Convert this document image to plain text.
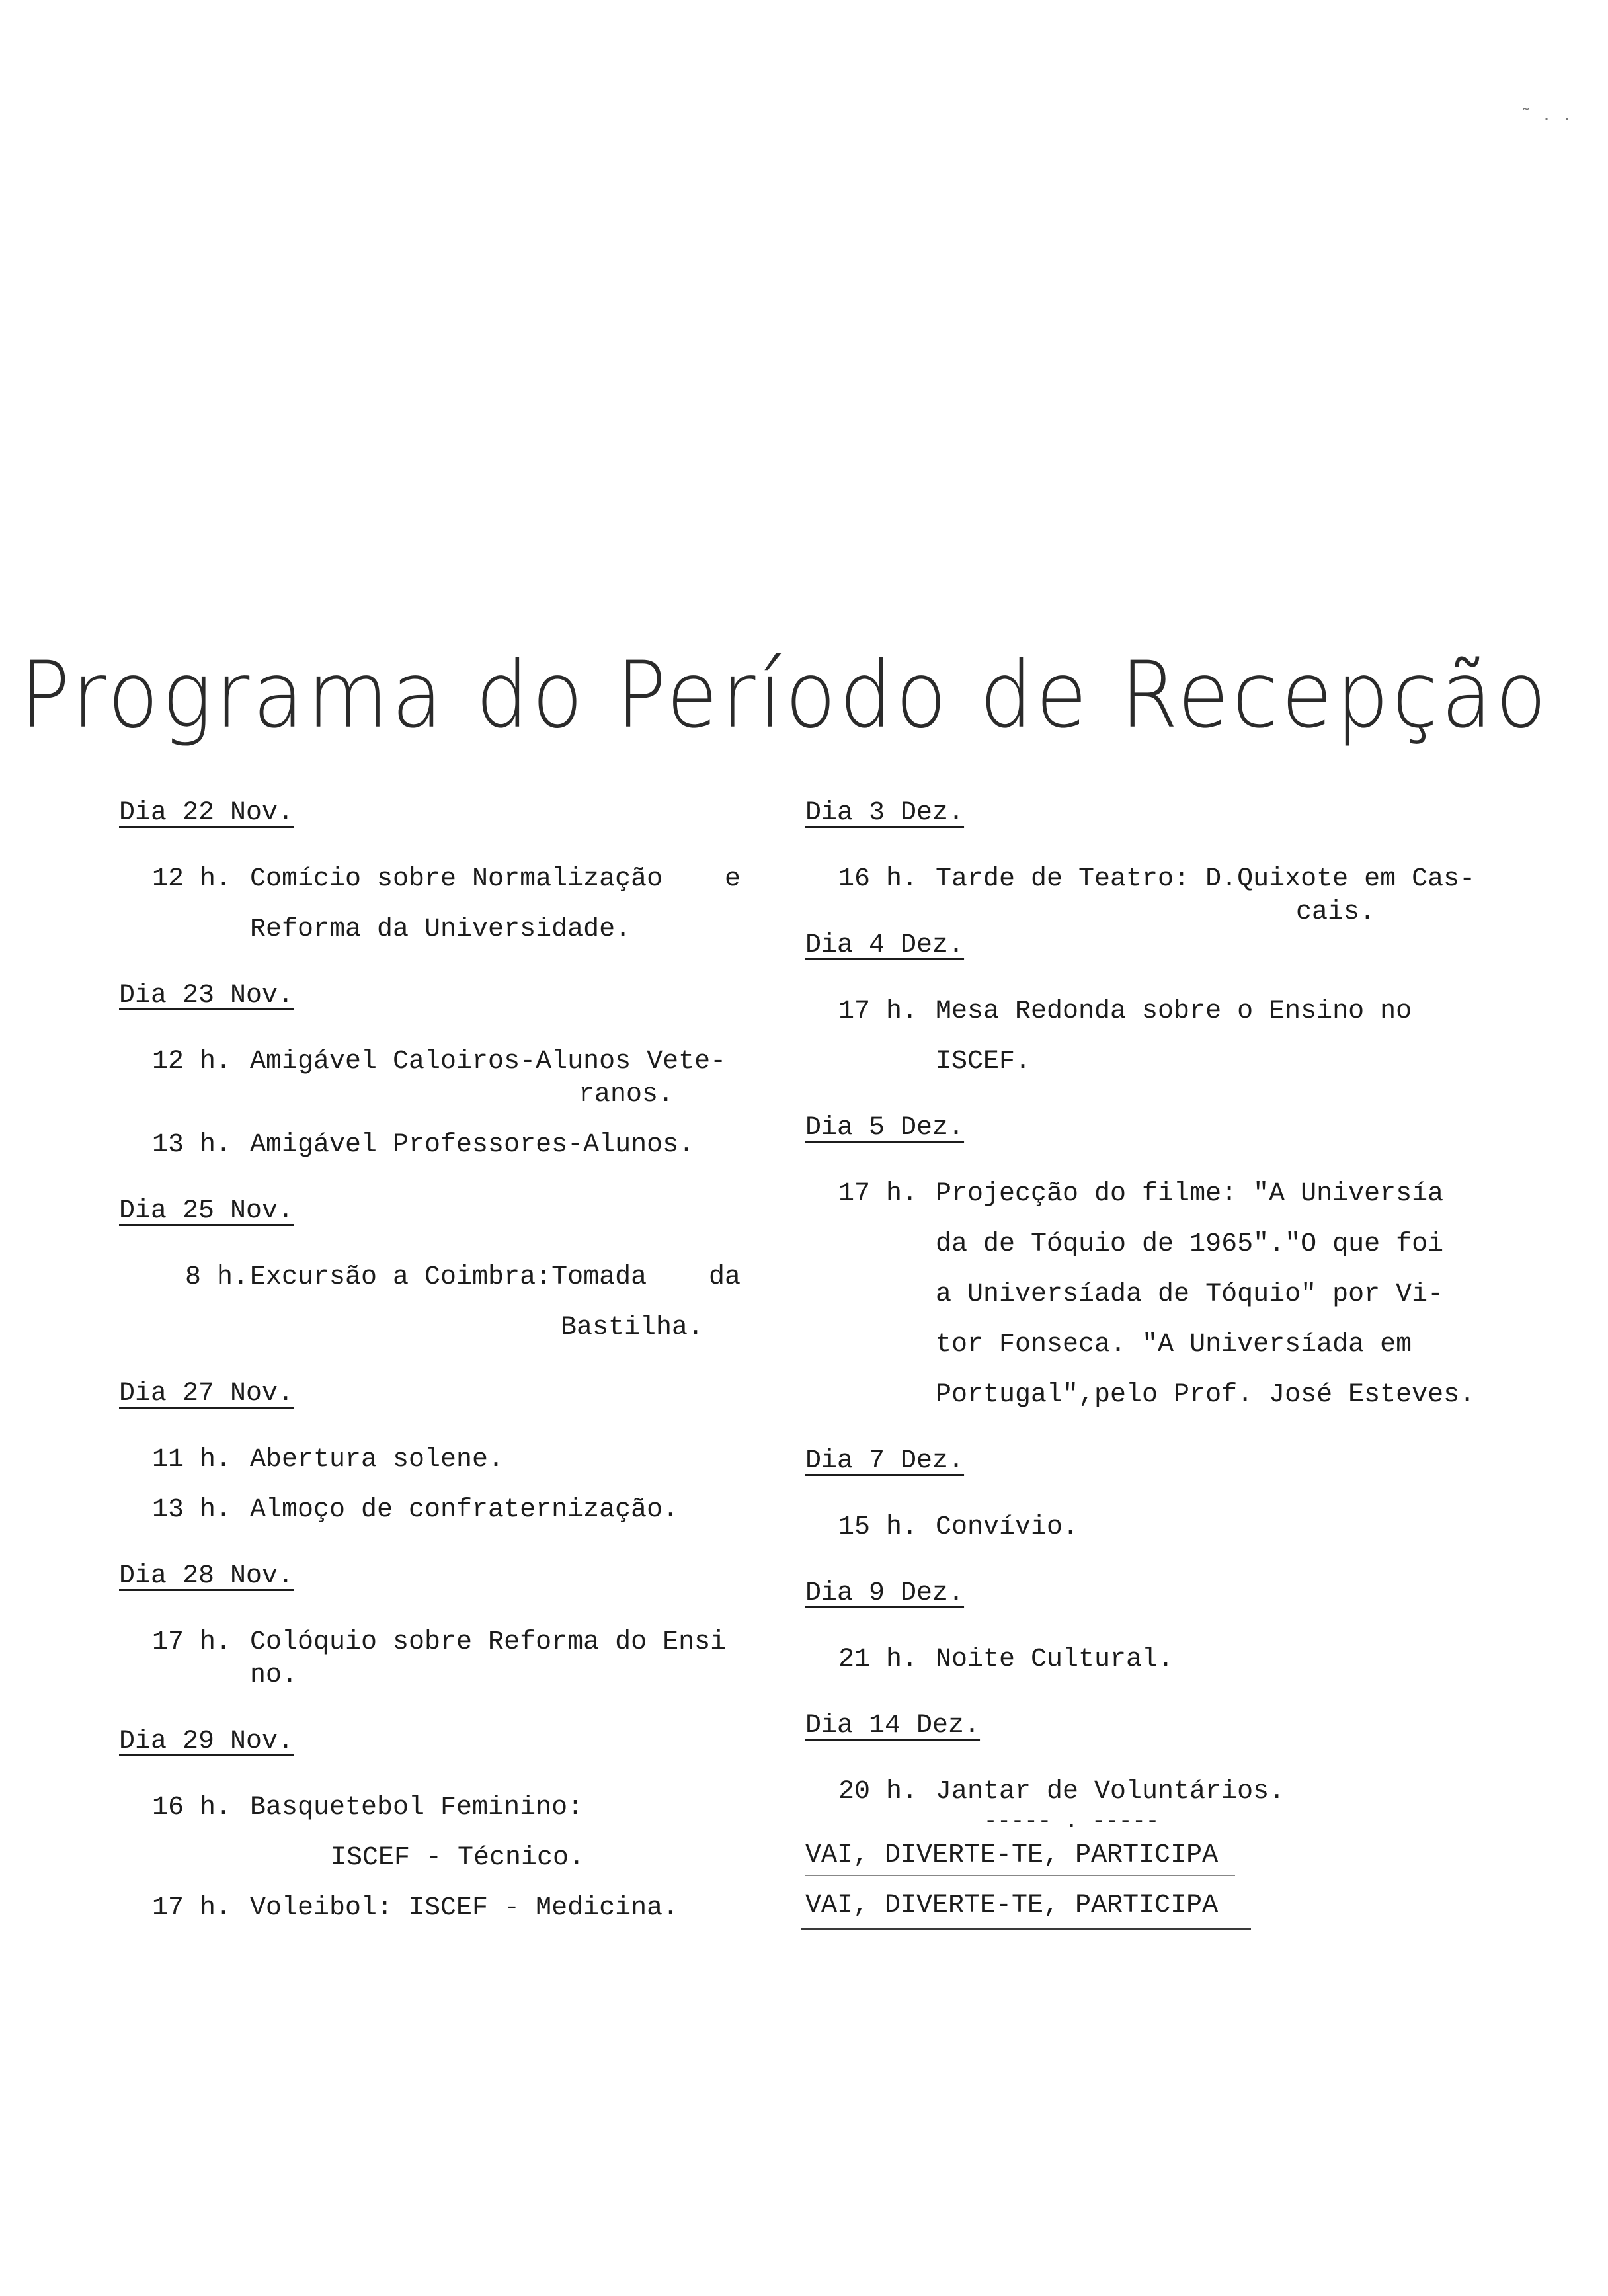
˜ . .
Programa do Período de Recepção
Dia 22 Nov.
12 h. Comício sobre Normalização e
Reforma da Universidade.
Dia 23 Nov.
12 h. Amigável Caloiros-Alunos Vete-
ranos.
13 h. Amigável Professores-Alunos.
Dia 25 Nov.
8 h. Excursão a Coimbra:Tomada da
Bastilha.
Dia 27 Nov.
11 h. Abertura solene.
13 h. Almoço de confraternização.
Dia 28 Nov.
17 h. Colóquio sobre Reforma do Ensi
no.
Dia 29 Nov.
16 h. Basquetebol Feminino:
ISCEF - Técnico.
17 h. Voleibol: ISCEF - Medicina.
Dia 3 Dez.
16 h. Tarde de Teatro: D.Quixote em Cas-
cais.
Dia 4 Dez.
17 h. Mesa Redonda sobre o Ensino no
ISCEF.
Dia 5 Dez.
17 h. Projecção do filme: "A Universía
da de Tóquio de 1965"."O que foi
a Universíada de Tóquio" por Vi-
tor Fonseca. "A Universíada em
Portugal",pelo Prof. José Esteves.
Dia 7 Dez.
15 h. Convívio.
Dia 9 Dez.
21 h. Noite Cultural.
Dia 14 Dez.
20 h. Jantar de Voluntários.
----- . -----
VAI, DIVERTE-TE, PARTICIPA
VAI, DIVERTE-TE, PARTICIPA
